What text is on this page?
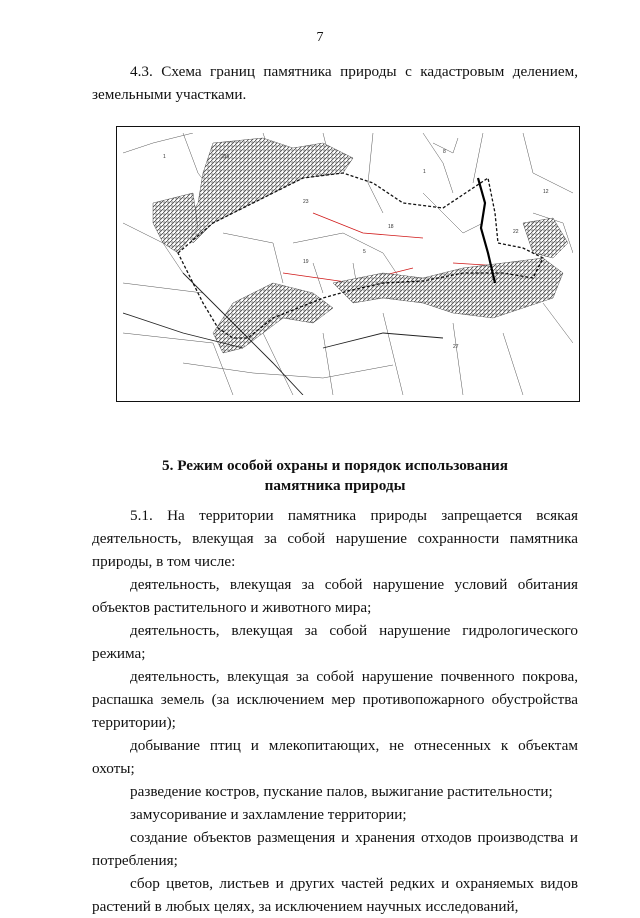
7

4.3. Схема границ памятника природы с кадастровым делением, земельными участками.

216
23
1
8
5
12
19
18
22
27
1
5. Режим особой охраны и порядок использования
памятника природы

5.1. На территории памятника природы запрещается всякая деятельность, влекущая за собой нарушение сохранности памятника природы, в том числе:

деятельность, влекущая за собой нарушение условий обитания объектов растительного и животного мира;

деятельность, влекущая за собой нарушение гидрологического режима;

деятельность, влекущая за собой нарушение почвенного покрова, распашка земель (за исключением мер противопожарного обустройства территории);

добывание птиц и млекопитающих, не отнесенных к объектам охоты;

разведение костров, пускание палов, выжигание растительности;

замусоривание и захламление территории;

создание объектов размещения и хранения отходов производства и потребления;

сбор цветов, листьев и других частей редких и охраняемых видов растений в любых целях, за исключением научных исследований,
